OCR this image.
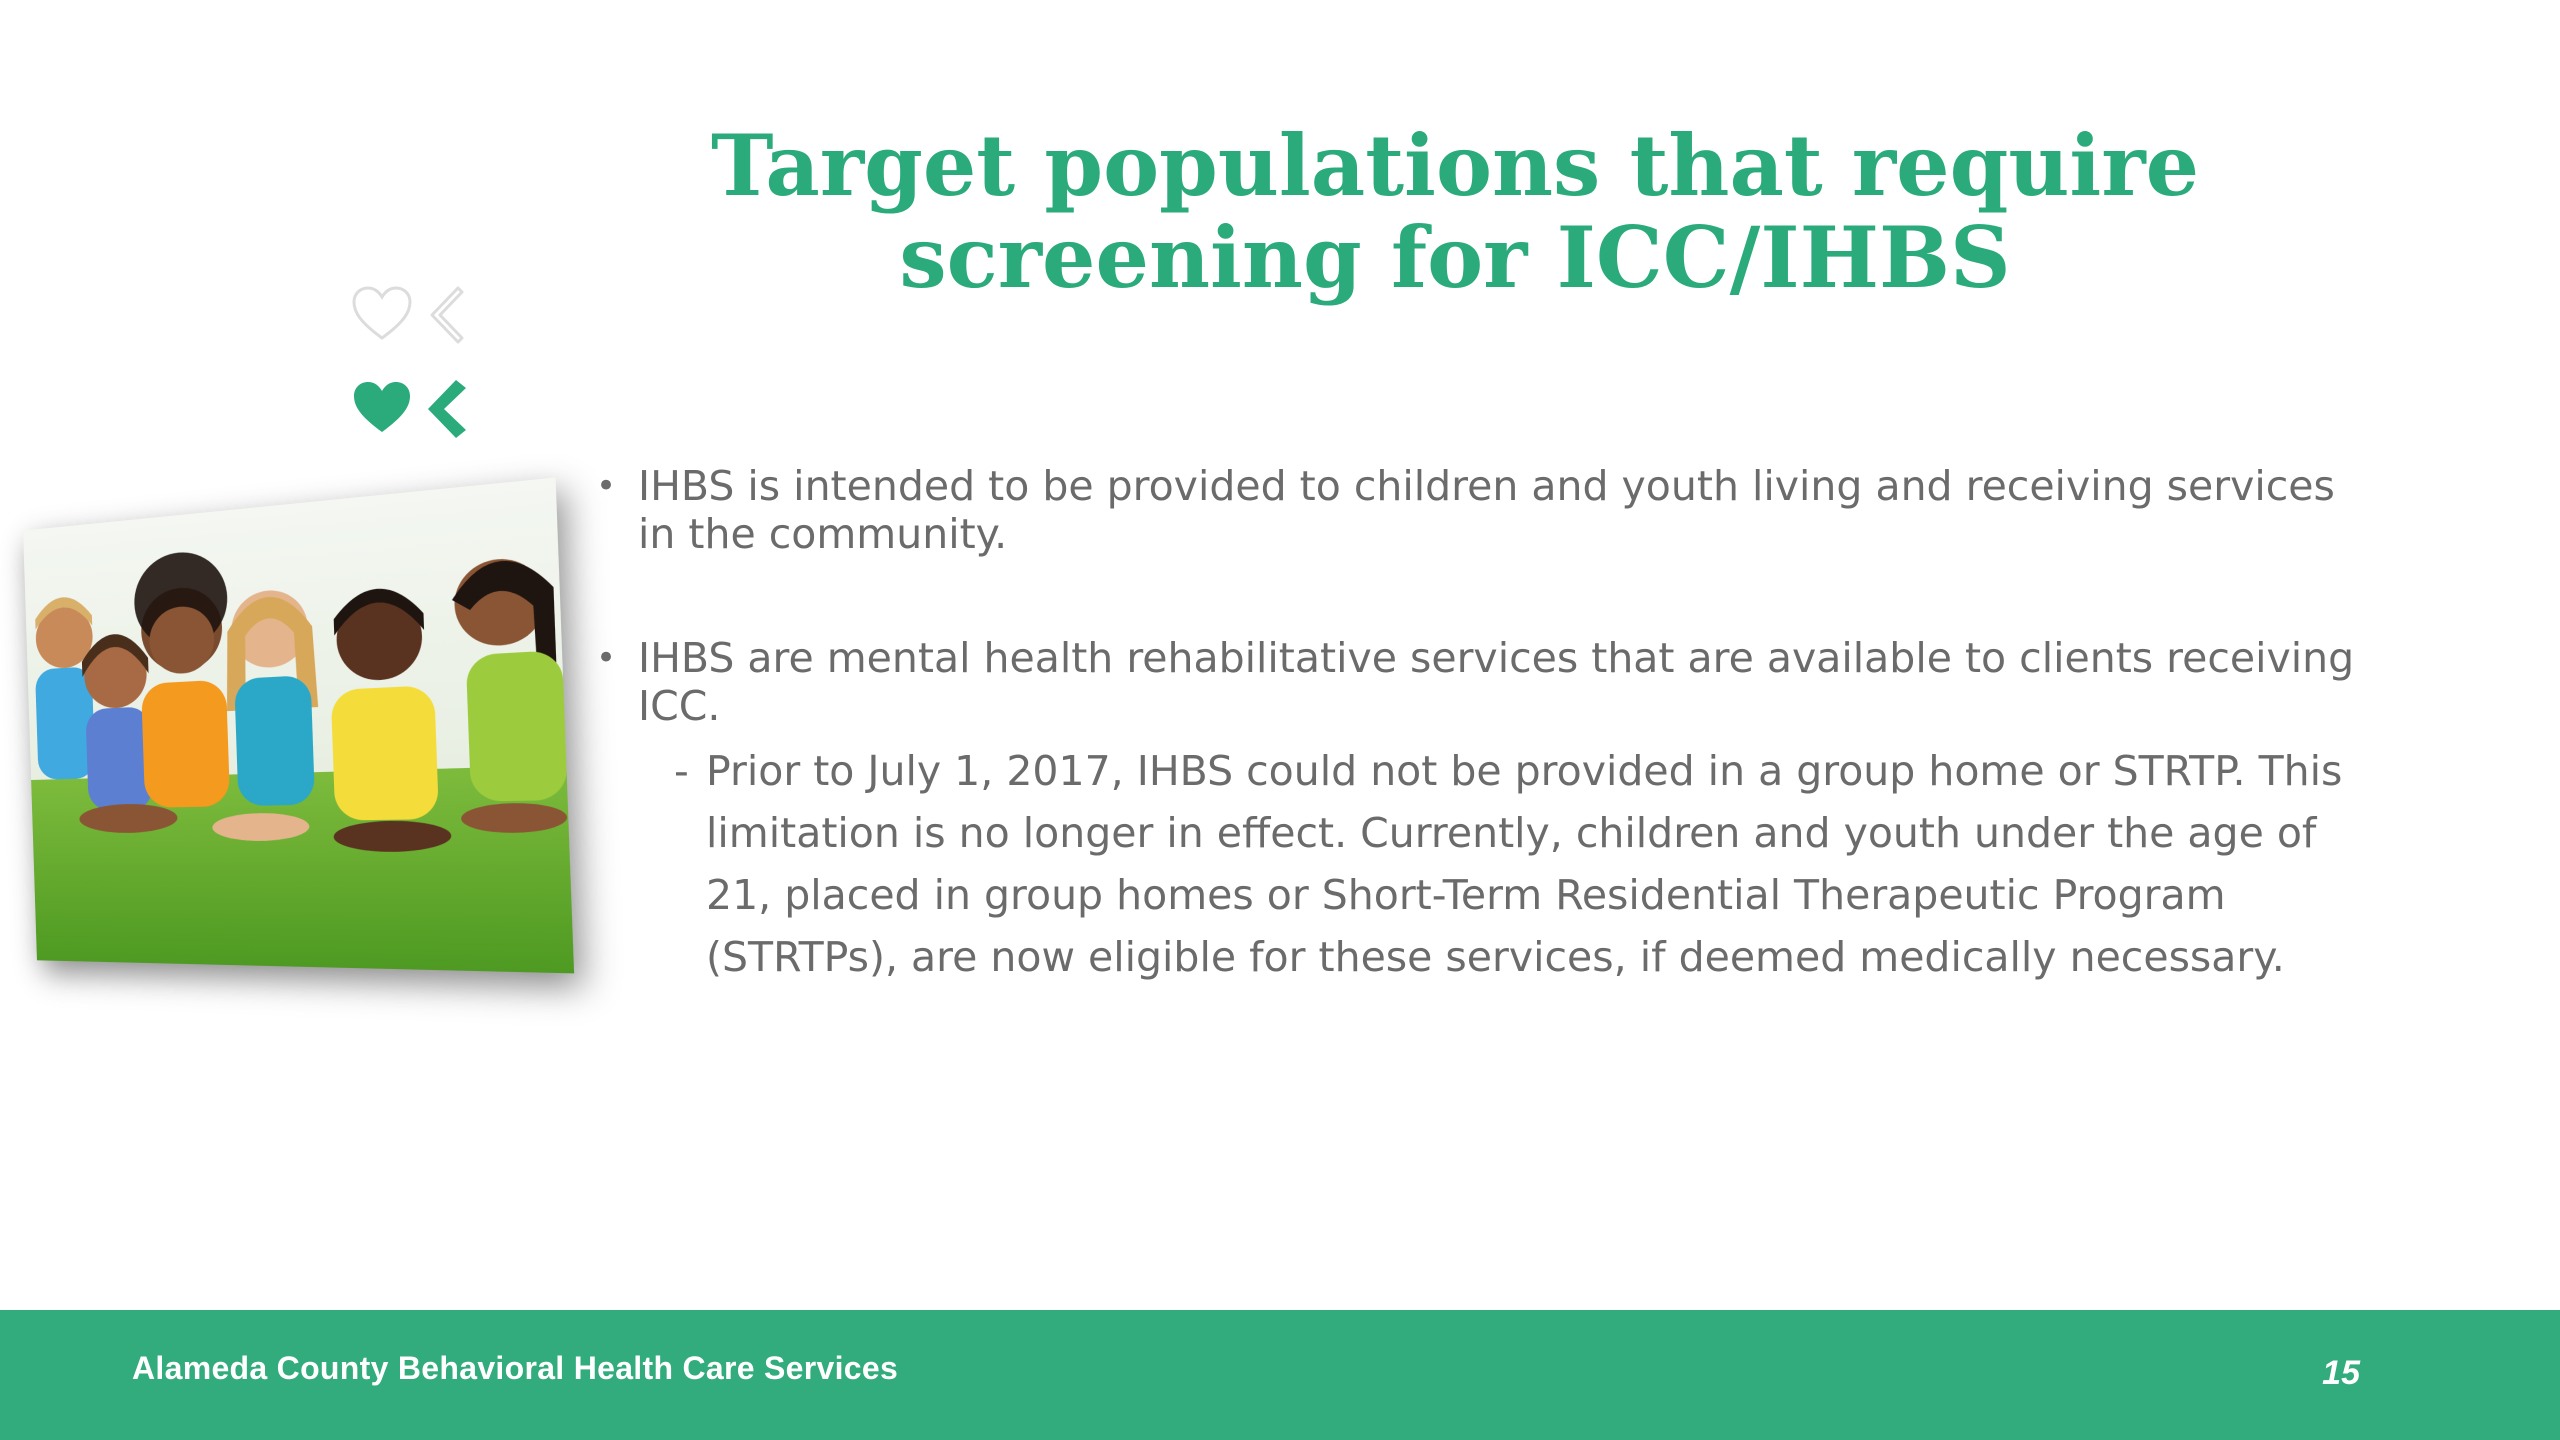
Target populations that require
screening for ICC/IHBS

• IHBS is intended to be provided to children and youth living and receiving services in the community.

• IHBS are mental health rehabilitative services that are available to clients receiving ICC.

- Prior to July 1, 2017, IHBS could not be provided in a group home or STRTP. This limitation is no longer in effect. Currently, children and youth under the age of 21, placed in group homes or Short-Term Residential Therapeutic Program (STRTPs), are now eligible for these services, if deemed medically necessary.

Alameda County Behavioral Health Care Services	15
